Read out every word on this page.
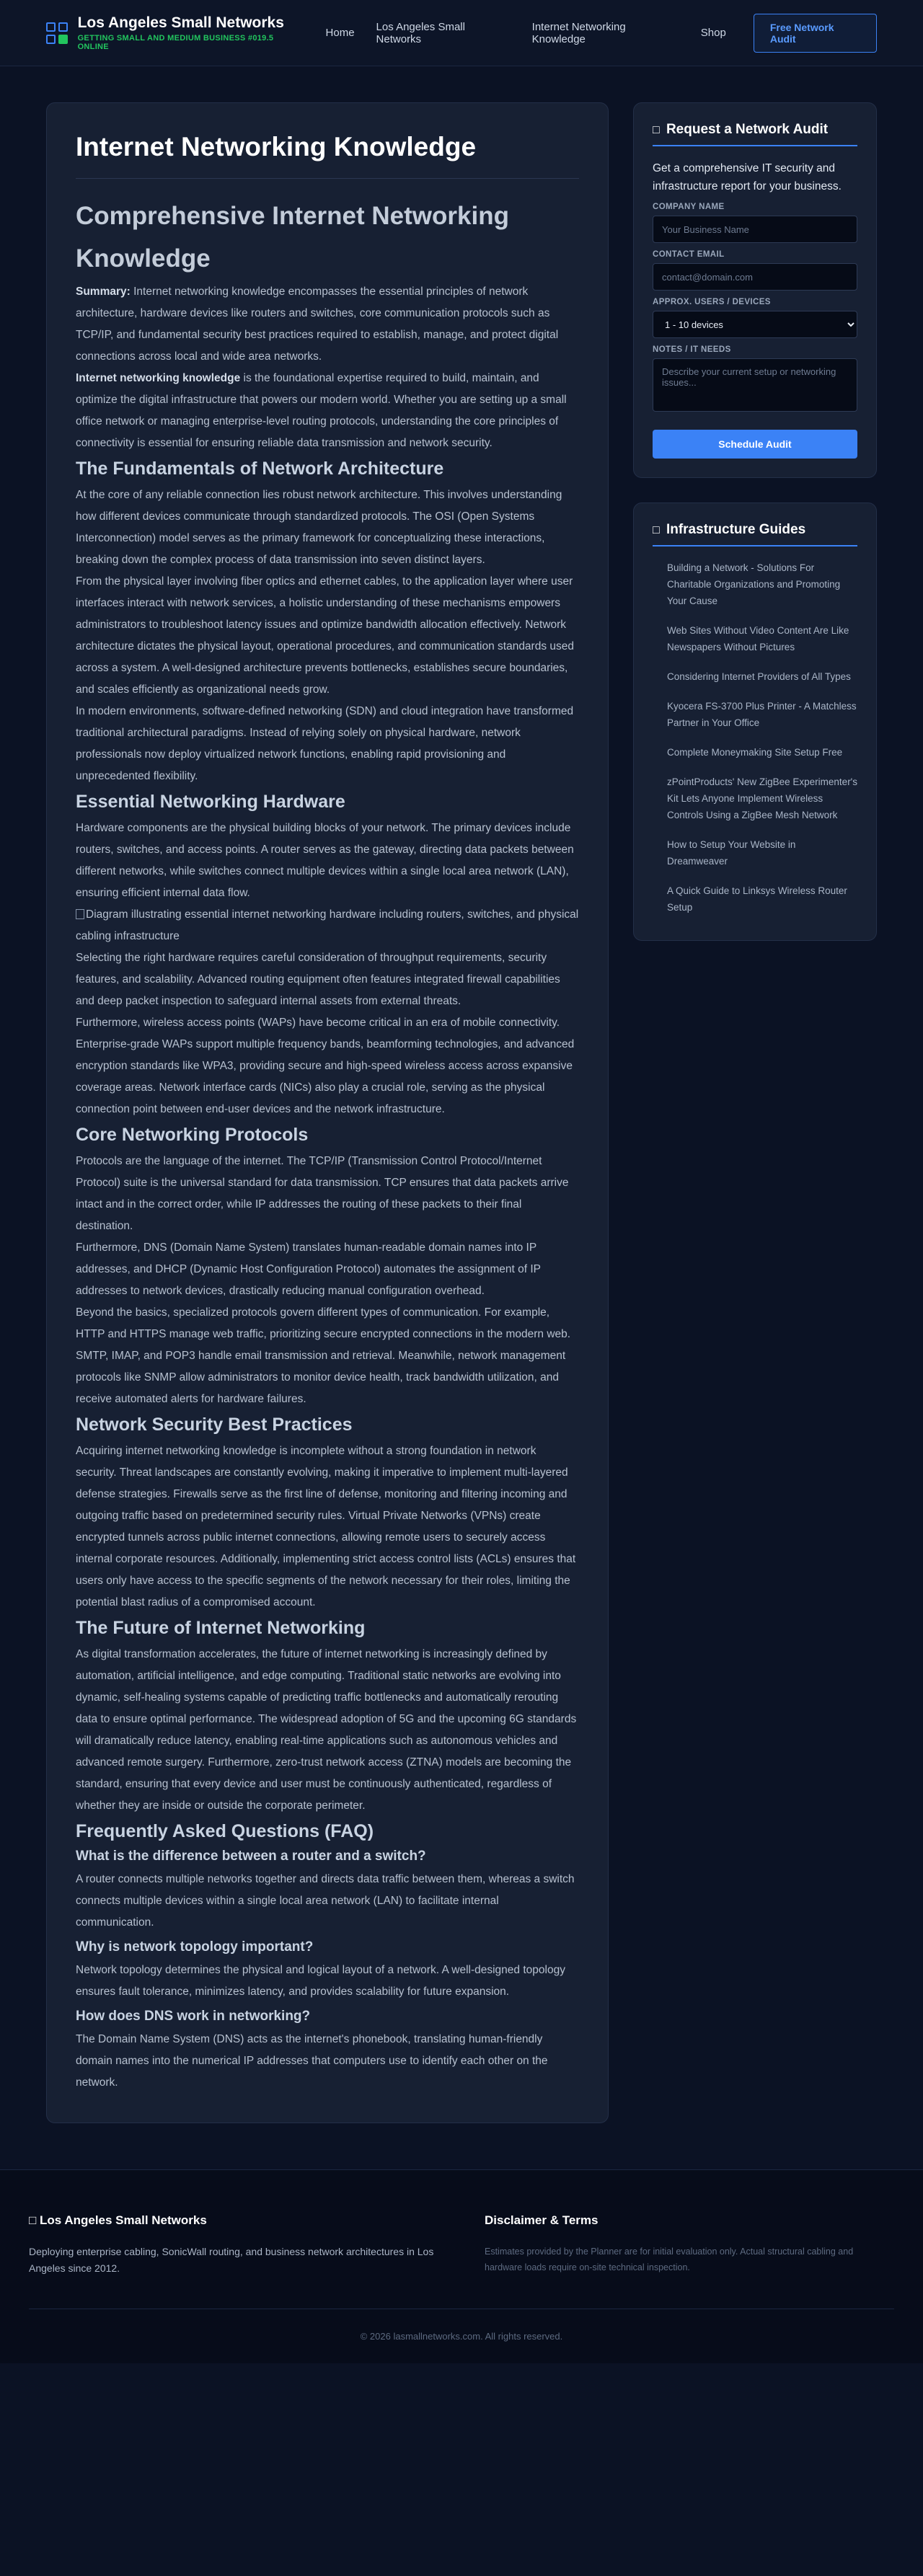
Los Angeles Small Networks
GETTING SMALL AND MEDIUM BUSINESS #019.5 ONLINE
Home Los Angeles Small Networks
Internet Networking Knowledge	Shop	Free Network Audit
Internet Networking Knowledge
Comprehensive Internet Networking Knowledge

Summary: Internet networking knowledge encompasses the essential principles of network architecture, hardware devices like routers and switches, core communication protocols such as TCP/IP, and fundamental security best practices required to establish, manage, and protect digital connections across local and wide area networks.

Internet networking knowledge is the foundational expertise required to build, maintain, and optimize the digital infrastructure that powers our modern world. Whether you are setting up a small office network or managing enterprise-level routing protocols, understanding the core principles of connectivity is essential for ensuring reliable data transmission and network security.

The Fundamentals of Network Architecture

At the core of any reliable connection lies robust network architecture. This involves understanding how different devices communicate through standardized protocols. The OSI (Open Systems Interconnection) model serves as the primary framework for conceptualizing these interactions, breaking down the complex process of data transmission into seven distinct layers.

From the physical layer involving fiber optics and ethernet cables, to the application layer where user interfaces interact with network services, a holistic understanding of these mechanisms empowers administrators to troubleshoot latency issues and optimize bandwidth allocation effectively. Network architecture dictates the physical layout, operational procedures, and communication standards used across a system. A well-designed architecture prevents bottlenecks, establishes secure boundaries, and scales efficiently as organizational needs grow.

In modern environments, software-defined networking (SDN) and cloud integration have transformed traditional architectural paradigms. Instead of relying solely on physical hardware, network professionals now deploy virtualized network functions, enabling rapid provisioning and unprecedented flexibility.

Essential Networking Hardware

Hardware components are the physical building blocks of your network. The primary devices include routers, switches, and access points. A router serves as the gateway, directing data packets between different networks, while switches connect multiple devices within a single local area network (LAN), ensuring efficient internal data flow.

Diagram illustrating essential internet networking hardware including routers, switches, and physical cabling infrastructure

Selecting the right hardware requires careful consideration of throughput requirements, security features, and scalability. Advanced routing equipment often features integrated firewall capabilities and deep packet inspection to safeguard internal assets from external threats.

Furthermore, wireless access points (WAPs) have become critical in an era of mobile connectivity. Enterprise-grade WAPs support multiple frequency bands, beamforming technologies, and advanced encryption standards like WPA3, providing secure and high-speed wireless access across expansive coverage areas. Network interface cards (NICs) also play a crucial role, serving as the physical connection point between end-user devices and the network infrastructure.

Core Networking Protocols

Protocols are the language of the internet. The TCP/IP (Transmission Control Protocol/Internet Protocol) suite is the universal standard for data transmission. TCP ensures that data packets arrive intact and in the correct order, while IP addresses the routing of these packets to their final destination.

Furthermore, DNS (Domain Name System) translates human-readable domain names into IP addresses, and DHCP (Dynamic Host Configuration Protocol) automates the assignment of IP addresses to network devices, drastically reducing manual configuration overhead.

Beyond the basics, specialized protocols govern different types of communication. For example, HTTP and HTTPS manage web traffic, prioritizing secure encrypted connections in the modern web. SMTP, IMAP, and POP3 handle email transmission and retrieval. Meanwhile, network management protocols like SNMP allow administrators to monitor device health, track bandwidth utilization, and receive automated alerts for hardware failures.

Network Security Best Practices

Acquiring internet networking knowledge is incomplete without a strong foundation in network security. Threat landscapes are constantly evolving, making it imperative to implement multi-layered defense strategies. Firewalls serve as the first line of defense, monitoring and filtering incoming and outgoing traffic based on predetermined security rules. Virtual Private Networks (VPNs) create encrypted tunnels across public internet connections, allowing remote users to securely access internal corporate resources. Additionally, implementing strict access control lists (ACLs) ensures that users only have access to the specific segments of the network necessary for their roles, limiting the potential blast radius of a compromised account.

The Future of Internet Networking

As digital transformation accelerates, the future of internet networking is increasingly defined by automation, artificial intelligence, and edge computing. Traditional static networks are evolving into dynamic, self-healing systems capable of predicting traffic bottlenecks and automatically rerouting data to ensure optimal performance. The widespread adoption of 5G and the upcoming 6G standards will dramatically reduce latency, enabling real-time applications such as autonomous vehicles and advanced remote surgery. Furthermore, zero-trust network access (ZTNA) models are becoming the standard, ensuring that every device and user must be continuously authenticated, regardless of whether they are inside or outside the corporate perimeter.

Frequently Asked Questions (FAQ)
What is the difference between a router and a switch?

A router connects multiple networks together and directs data traffic between them, whereas a switch connects multiple devices within a single local area network (LAN) to facilitate internal communication.

Why is network topology important?

Network topology determines the physical and logical layout of a network. A well-designed topology ensures fault tolerance, minimizes latency, and provides scalability for future expansion.

How does DNS work in networking?

The Domain Name System (DNS) acts as the internet's phonebook, translating human-friendly domain names into the numerical IP addresses that computers use to identify each other on the network.

□ Request a Network Audit

Get a comprehensive IT security and infrastructure report for your business.

COMPANY NAME
Your Business Name
CONTACT EMAIL
contact@domain.com
APPROX. USERS / DEVICES
1 - 10 devices
NOTES / IT NEEDS
Describe your current setup or networking issues... Schedule Audit
□ Infrastructure Guides
Building a Network - Solutions For Charitable Organizations and Promoting Your Cause
Web Sites Without Video Content Are Like Newspapers Without Pictures
Considering Internet Providers of All Types
Kyocera FS-3700 Plus Printer - A Matchless Partner in Your Office
Complete Moneymaking Site Setup Free
zPointProducts' New ZigBee Experimenter's Kit Lets Anyone Implement Wireless Controls Using a ZigBee Mesh Network
How to Setup Your Website in Dreamweaver
A Quick Guide to Linksys Wireless Router Setup
□ Los Angeles Small Networks

Deploying enterprise cabling, SonicWall routing, and business network architectures in Los Angeles since 2012.

Disclaimer & Terms

Estimates provided by the Planner are for initial evaluation only. Actual structural cabling and hardware loads require on-site technical inspection.

© 2026 lasmallnetworks.com. All rights reserved.
